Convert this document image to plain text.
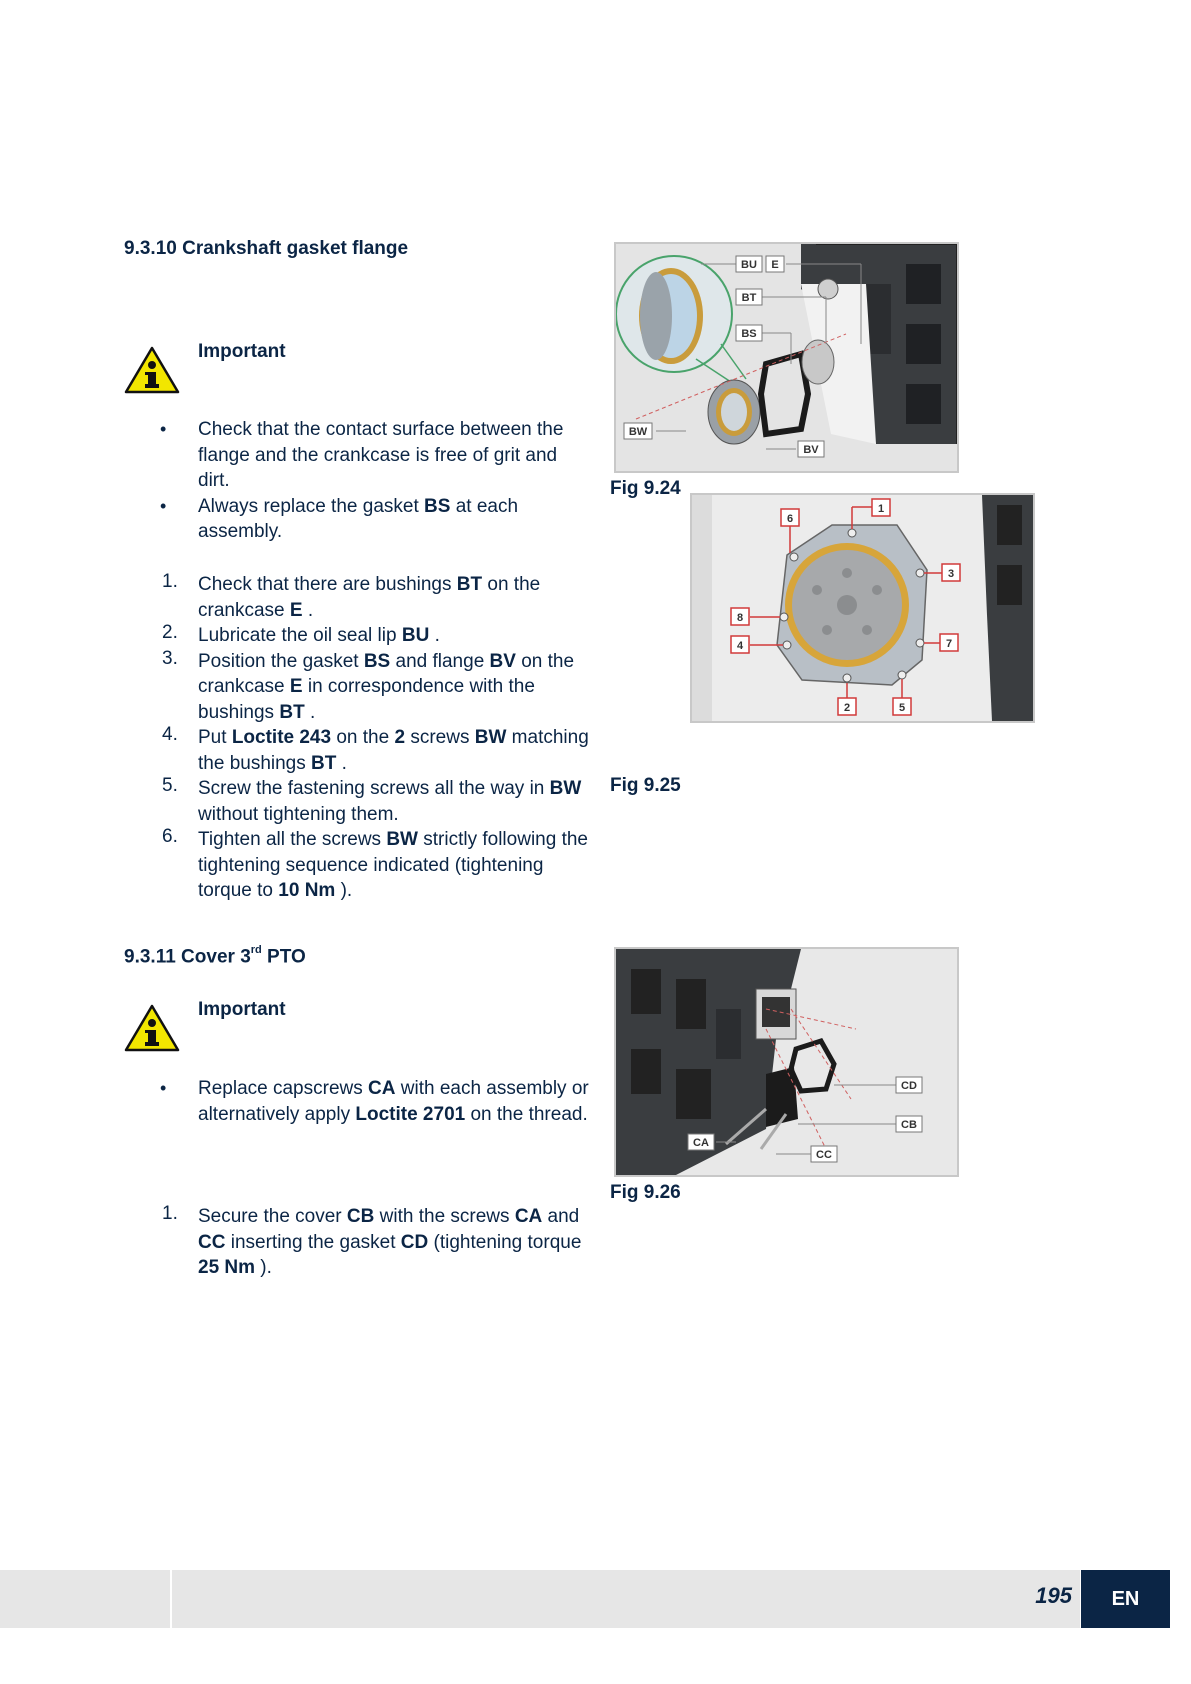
9.3.10 Crankshaft gasket flange
Important
• Check that the contact surface between the flange and the crankcase is free of grit and dirt.
• Always replace the gasket BS at each assembly.
1. Check that there are bushings BT on the crankcase E .
2. Lubricate the oil seal lip BU .
3. Position the gasket BS and flange BV on the crankcase E in correspondence with the bushings BT .
4. Put Loctite 243 on the 2 screws BW matching the bushings BT .
5. Screw the fastening screws all the way in BW without tightening them.
6. Tighten all the screws BW strictly following the tightening sequence indicated (tightening torque to 10 Nm ).
BU E
BT
BS
BW
BV
Fig 9.24
1
6
3
8
7
4
2	5
Fig 9.25
9.3.11 Cover 3rd PTO
Important
• Replace capscrews CA with each assembly or alternatively apply Loctite 2701 on the thread.
1. Secure the cover CB with the screws CA and CC inserting the gasket CD (tightening torque 25 Nm ).
CD
CB
CA
CC
Fig 9.26
195	EN
